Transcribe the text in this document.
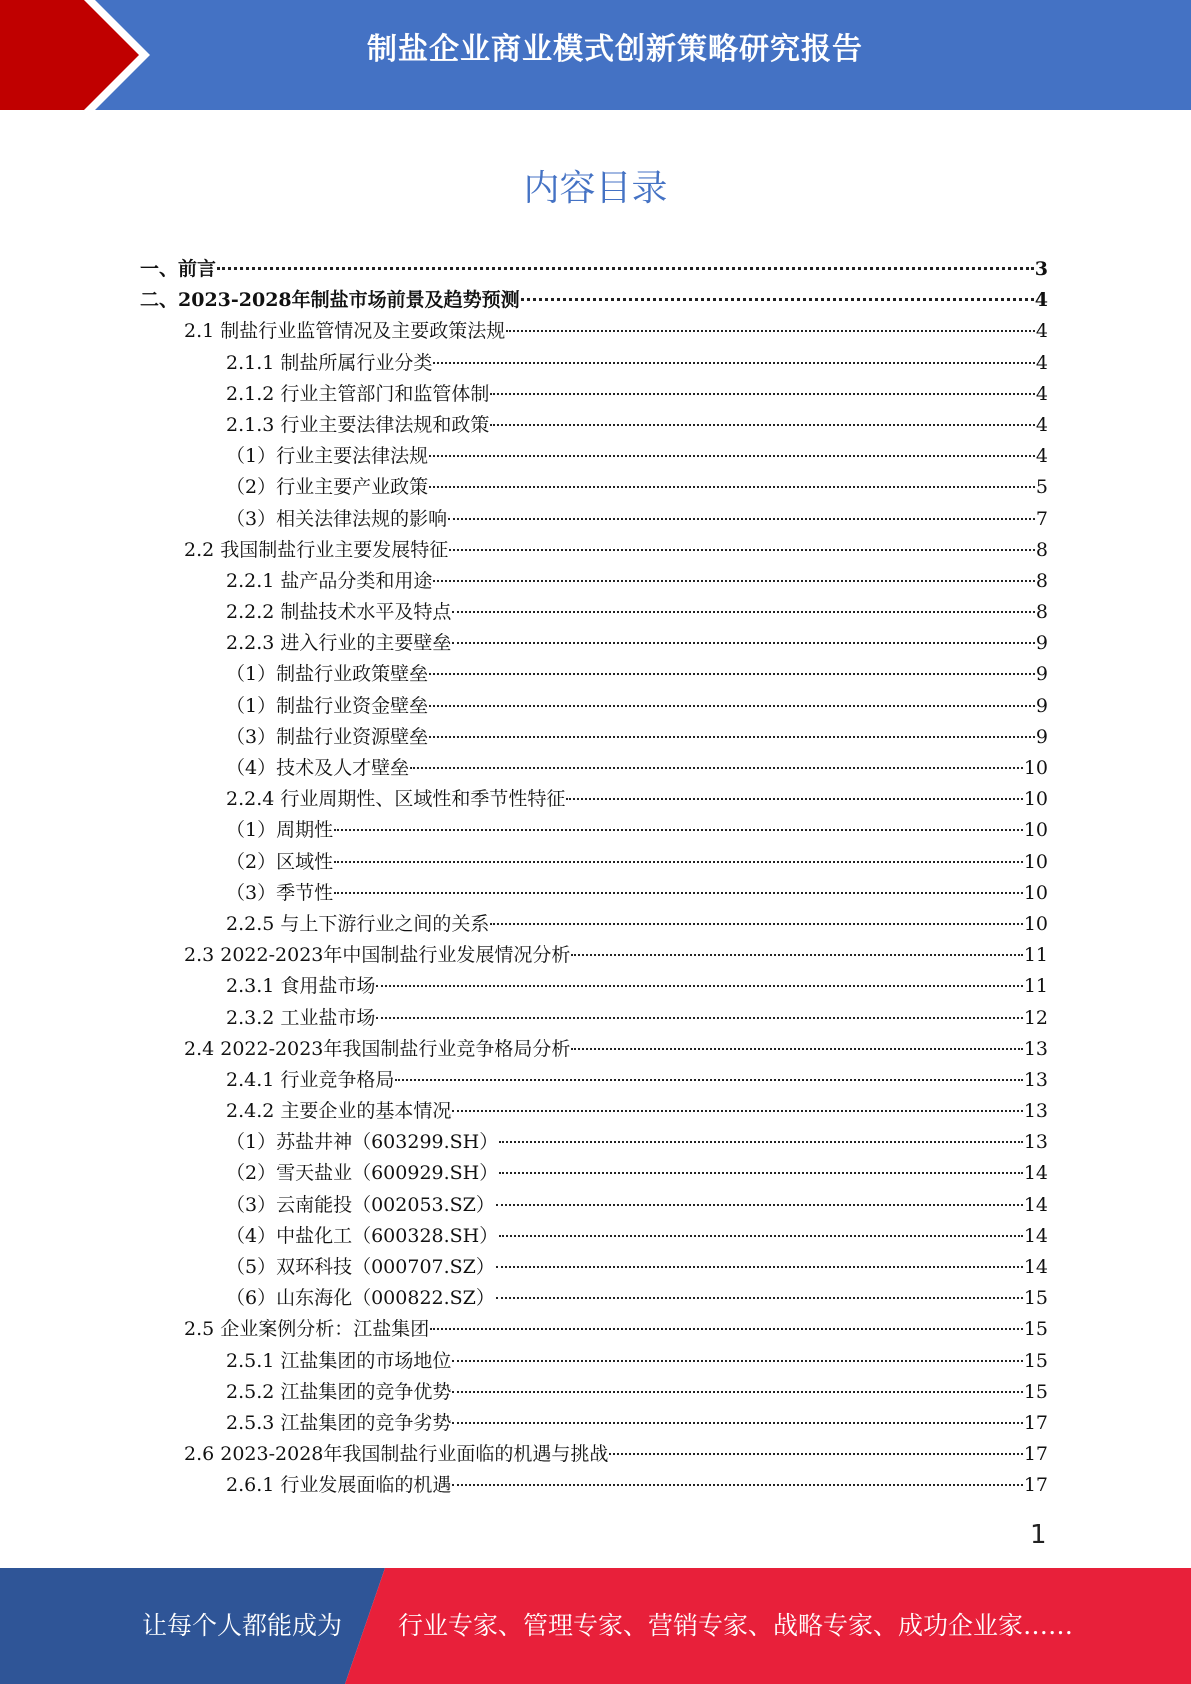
制盐企业商业模式创新策略研究报告
内容目录
一、前言	3
二、2023-2028年制盐市场前景及趋势预测	4
2.1 制盐行业监管情况及主要政策法规	4
2.1.1 制盐所属行业分类	4
2.1.2 行业主管部门和监管体制	4
2.1.3 行业主要法律法规和政策	4
（1）行业主要法律法规	4
（2）行业主要产业政策	5
（3）相关法律法规的影响	7
2.2 我国制盐行业主要发展特征	8
2.2.1 盐产品分类和用途	8
2.2.2 制盐技术水平及特点	8
2.2.3 进入行业的主要壁垒	9
（1）制盐行业政策壁垒	9
（1）制盐行业资金壁垒	9
（3）制盐行业资源壁垒	9
（4）技术及人才壁垒	10
2.2.4 行业周期性、区域性和季节性特征	10
（1）周期性	10
（2）区域性	10
（3）季节性	10
2.2.5 与上下游行业之间的关系	10
2.3 2022-2023年中国制盐行业发展情况分析	11
2.3.1 食用盐市场	11
2.3.2 工业盐市场	12
2.4 2022-2023年我国制盐行业竞争格局分析	13
2.4.1 行业竞争格局	13
2.4.2 主要企业的基本情况	13
（1）苏盐井神（603299.SH）	13
（2）雪天盐业（600929.SH）	14
（3）云南能投（002053.SZ）	14
（4）中盐化工（600328.SH）	14
（5）双环科技（000707.SZ）	14
（6）山东海化（000822.SZ）	15
2.5 企业案例分析：江盐集团	15
2.5.1 江盐集团的市场地位	15
2.5.2 江盐集团的竞争优势	15
2.5.3 江盐集团的竞争劣势	17
2.6 2023-2028年我国制盐行业面临的机遇与挑战	17
2.6.1 行业发展面临的机遇	17
1
让每个人都能成为 行业专家、管理专家、营销专家、战略专家、成功企业家……
